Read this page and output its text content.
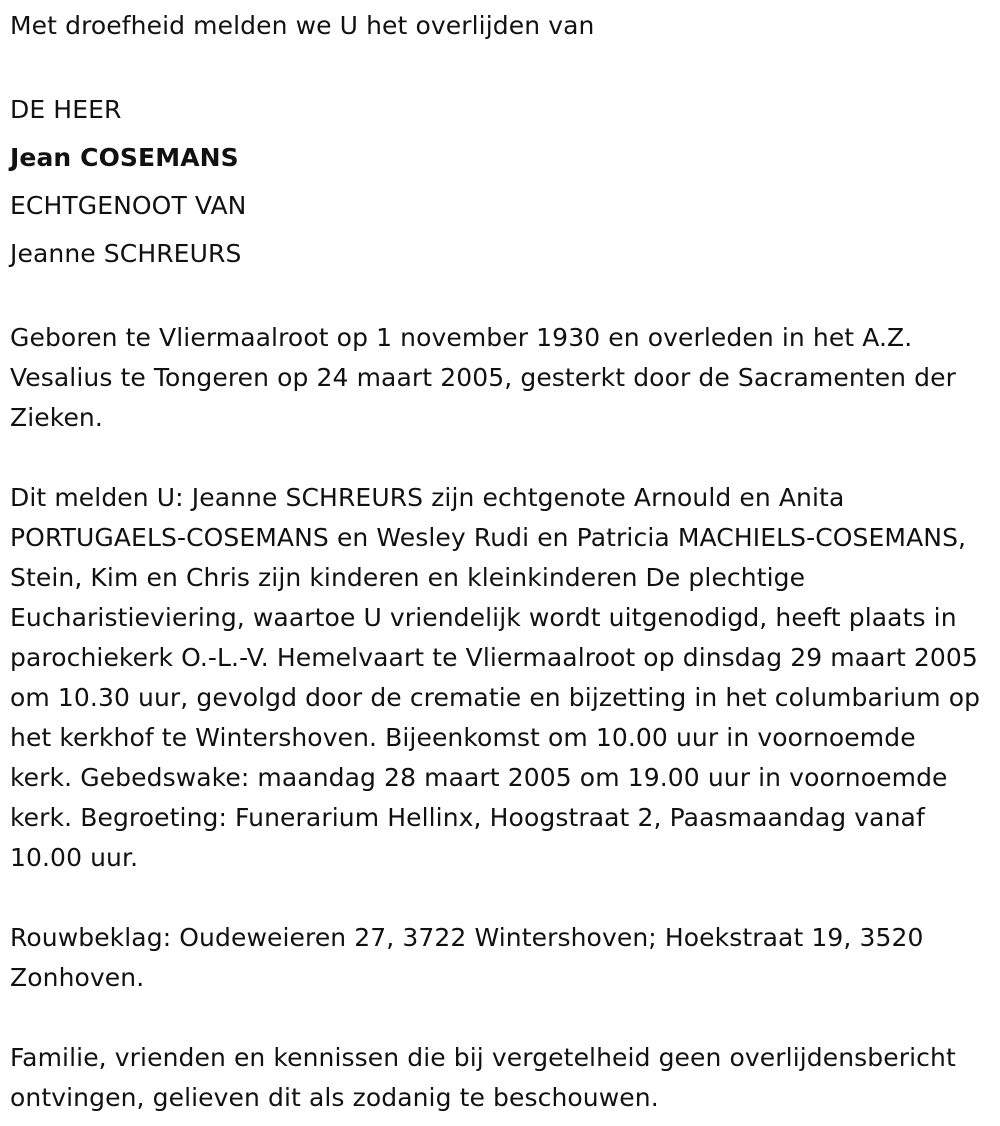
Met droefheid melden we U het overlijden van

DE HEER

Jean COSEMANS

ECHTGENOOT VAN

Jeanne SCHREURS

Geboren te Vliermaalroot op 1 november 1930 en overleden in het A.Z. Vesalius te Tongeren op 24 maart 2005, gesterkt door de Sacramenten der Zieken.

Dit melden U: Jeanne SCHREURS zijn echtgenote Arnould en Anita PORTUGAELS-COSEMANS en Wesley Rudi en Patricia MACHIELS-COSEMANS, Stein, Kim en Chris zijn kinderen en kleinkinderen De plechtige Eucharistieviering, waartoe U vriendelijk wordt uitgenodigd, heeft plaats in parochiekerk O.-L.-V. Hemelvaart te Vliermaalroot op dinsdag 29 maart 2005 om 10.30 uur, gevolgd door de crematie en bijzetting in het columbarium op het kerkhof te Wintershoven. Bijeenkomst om 10.00 uur in voornoemde kerk. Gebedswake: maandag 28 maart 2005 om 19.00 uur in voornoemde kerk. Begroeting: Funerarium Hellinx, Hoogstraat 2, Paasmaandag vanaf 10.00 uur.

Rouwbeklag: Oudeweieren 27, 3722 Wintershoven; Hoekstraat 19, 3520 Zonhoven.

Familie, vrienden en kennissen die bij vergetelheid geen overlijdensbericht ontvingen, gelieven dit als zodanig te beschouwen.
